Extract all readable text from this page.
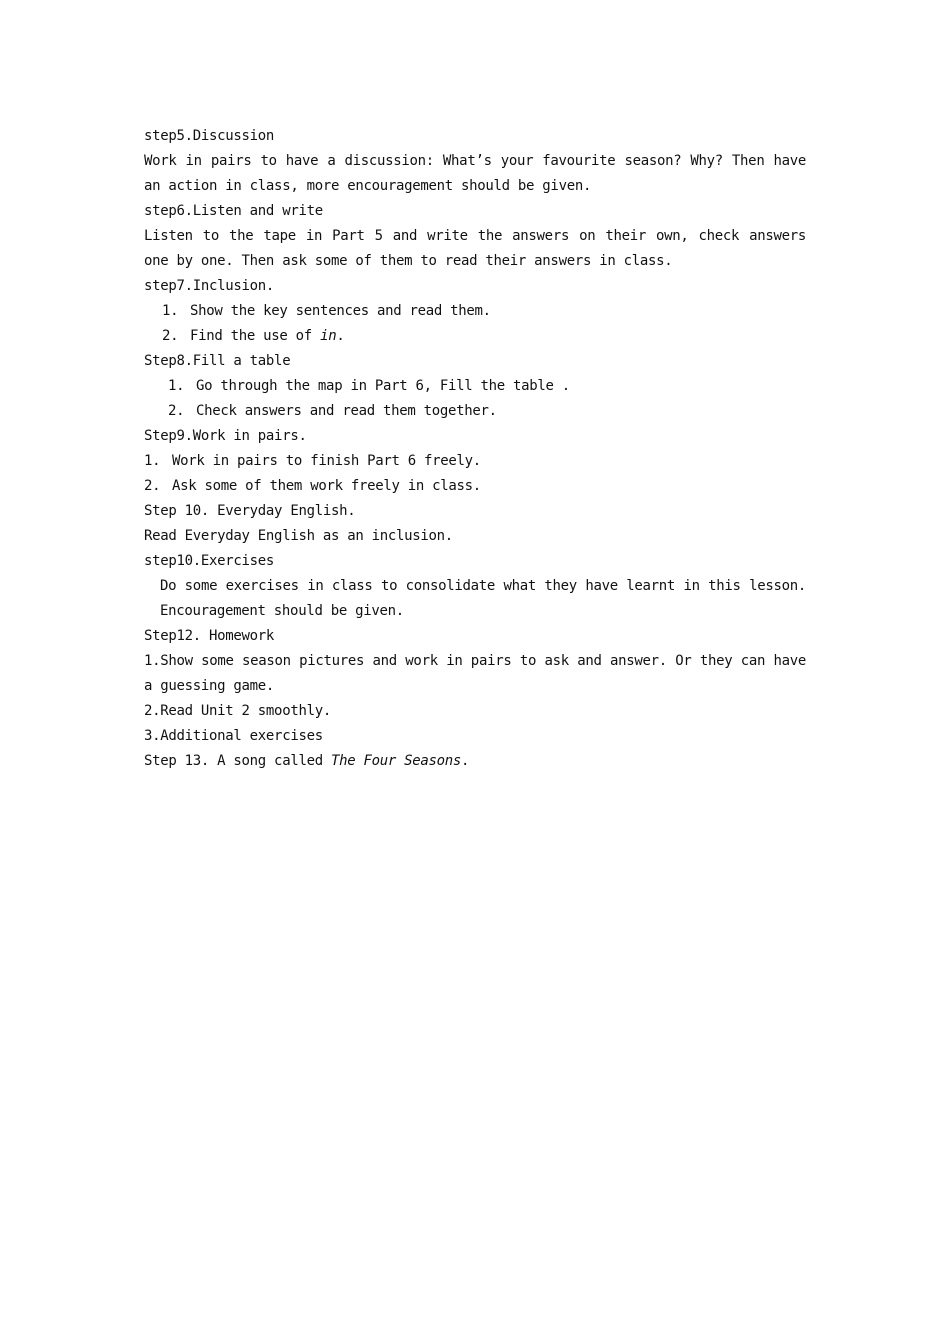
step5.Discussion

Work in pairs to have a discussion: What’s your favourite season? Why? Then have an action in class, more encouragement should be given.

step6.Listen and write

Listen to the tape in Part 5 and write the answers on their own, check answers one by one. Then ask some of them to read their answers in class.

step7.Inclusion.

1. Show the key sentences and read them.

2. Find the use of in.

Step8.Fill a table

1. Go through the map in Part 6, Fill the table .

2. Check answers and read them together.

Step9.Work in pairs.

1. Work in pairs to finish Part 6 freely.

2. Ask some of them work freely in class.

Step 10. Everyday English.

Read Everyday English as an inclusion.

step10.Exercises

Do some exercises in class to consolidate what they have learnt in this lesson. Encouragement should be given.

Step12. Homework

1.Show some season pictures and work in pairs to ask and answer. Or they can have a guessing game.

2.Read Unit 2 smoothly.

3.Additional exercises

Step 13. A song called The Four Seasons.
